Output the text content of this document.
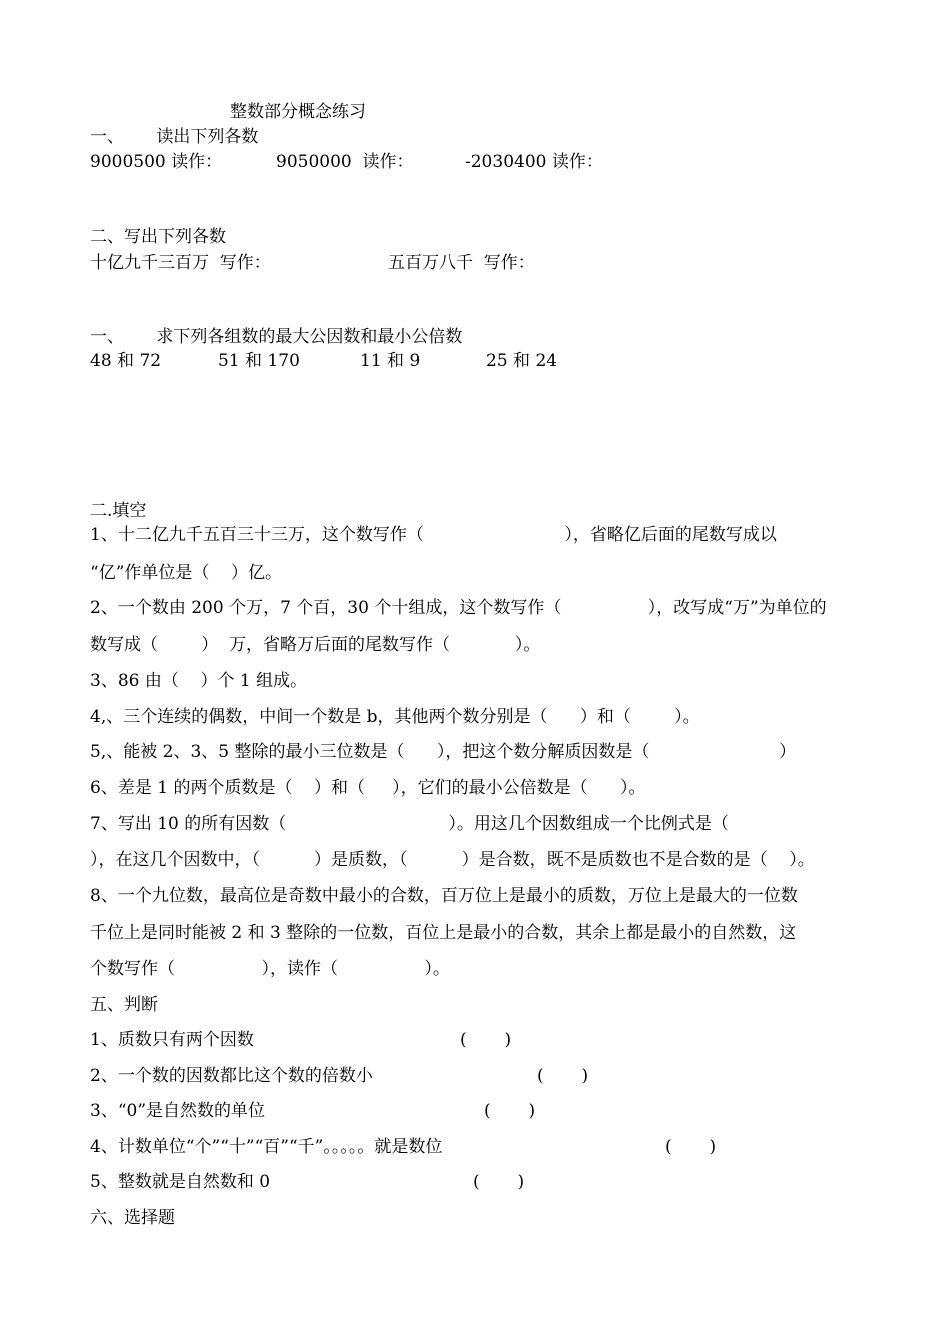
整数部分概念练习
一、      读出下列各数
9000500 读作：	9050000  读作：	-2030400 读作：
二、写出下列各数
十亿九千三百万  写作：	五百万八千  写作：
一、      求下列各组数的最大公因数和最小公倍数
48 和 72	51 和 170	11 和 9	25 和 24
二.填空
1、十二亿九千五百三十三万，这个数写作（                          ），省略亿后面的尾数写成以
“亿”作单位是（    ）亿。
2、一个数由 200 个万，7 个百，30 个十组成，这个数写作（                ），改写成“万”为单位的
数写成（        ）  万，省略万后面的尾数写作（            ）。
3、86 由（    ）个 1 组成。
4,、三个连续的偶数，中间一个数是 b，其他两个数分别是（      ）和（        ）。
5,、能被 2、3、5 整除的最小三位数是（      ），把这个数分解质因数是（                        ）
6、差是 1 的两个质数是（    ）和（     ），它们的最小公倍数是（      ）。
7、写出 10 的所有因数（                              ）。用这几个因数组成一个比例式是（
），在这几个因数中，（          ）是质数，（          ）是合数，既不是质数也不是合数的是（    ）。
8、一个九位数，最高位是奇数中最小的合数，百万位上是最小的质数，万位上是最大的一位数
千位上是同时能被 2 和 3 整除的一位数，百位上是最小的合数，其余上都是最小的自然数，这
个数写作（                ），读作（                ）。
五、判断
1、质数只有两个因数	(       )
2、一个数的因数都比这个数的倍数小	(       )
3、“0”是自然数的单位	(       )
4、计数单位“个”“十”“百”“千”。。。。。就是数位	(       )
5、整数就是自然数和 0	(       )
六、选择题
